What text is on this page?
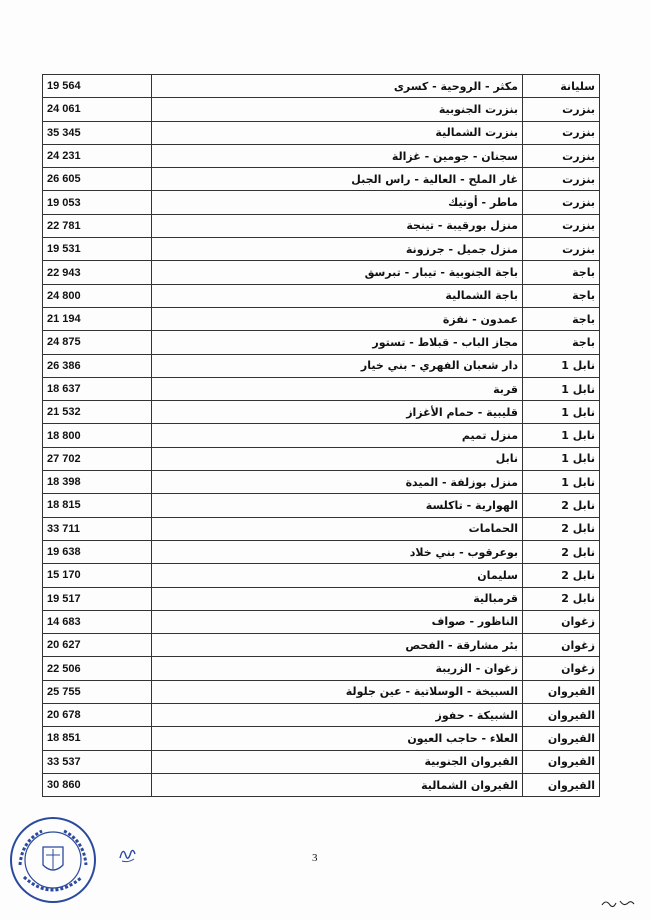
19 564	مكثر - الروحية - كسرى	سليانة
24 061	بنزرت الجنوبية	بنزرت
35 345	بنزرت الشمالية	بنزرت
24 231	سجنان - جومين - غزالة	بنزرت
26 605	غار الملح - العالية - راس الجبل	بنزرت
19 053	ماطر - أوتيك	بنزرت
22 781	منزل بورقيبة - تينجة	بنزرت
19 531	منزل جميل - جرزونة	بنزرت
22 943	باجة الجنوبية - تيبار - تبرسق	باجة
24 800	باجة الشمالية	باجة
21 194	عمدون - نفزة	باجة
24 875	مجاز الباب - قبلاط - تستور	باجة
26 386	دار شعبان الفهري - بني خيار	نابل 1
18 637	قربة	نابل 1
21 532	قليبية - حمام الأغزاز	نابل 1
18 800	منزل تميم	نابل 1
27 702	نابل	نابل 1
18 398	منزل بوزلفة - الميدة	نابل 1
18 815	الهوارية - تاكلسة	نابل 2
33 711	الحمامات	نابل 2
19 638	بوعرقوب - بني خلاد	نابل 2
15 170	سليمان	نابل 2
19 517	قرمبالية	نابل 2
14 683	الناظور - صواف	زغوان
20 627	بئر مشارقة - الفحص	زغوان
22 506	زغوان - الزريبة	زغوان
25 755	السبيخة - الوسلاتية - عين جلولة	القيروان
20 678	الشبيكة - حفوز	القيروان
18 851	العلاء - حاجب العيون	القيروان
33 537	القيروان الجنوبية	القيروان
30 860	القيروان الشمالية	القيروان
3
